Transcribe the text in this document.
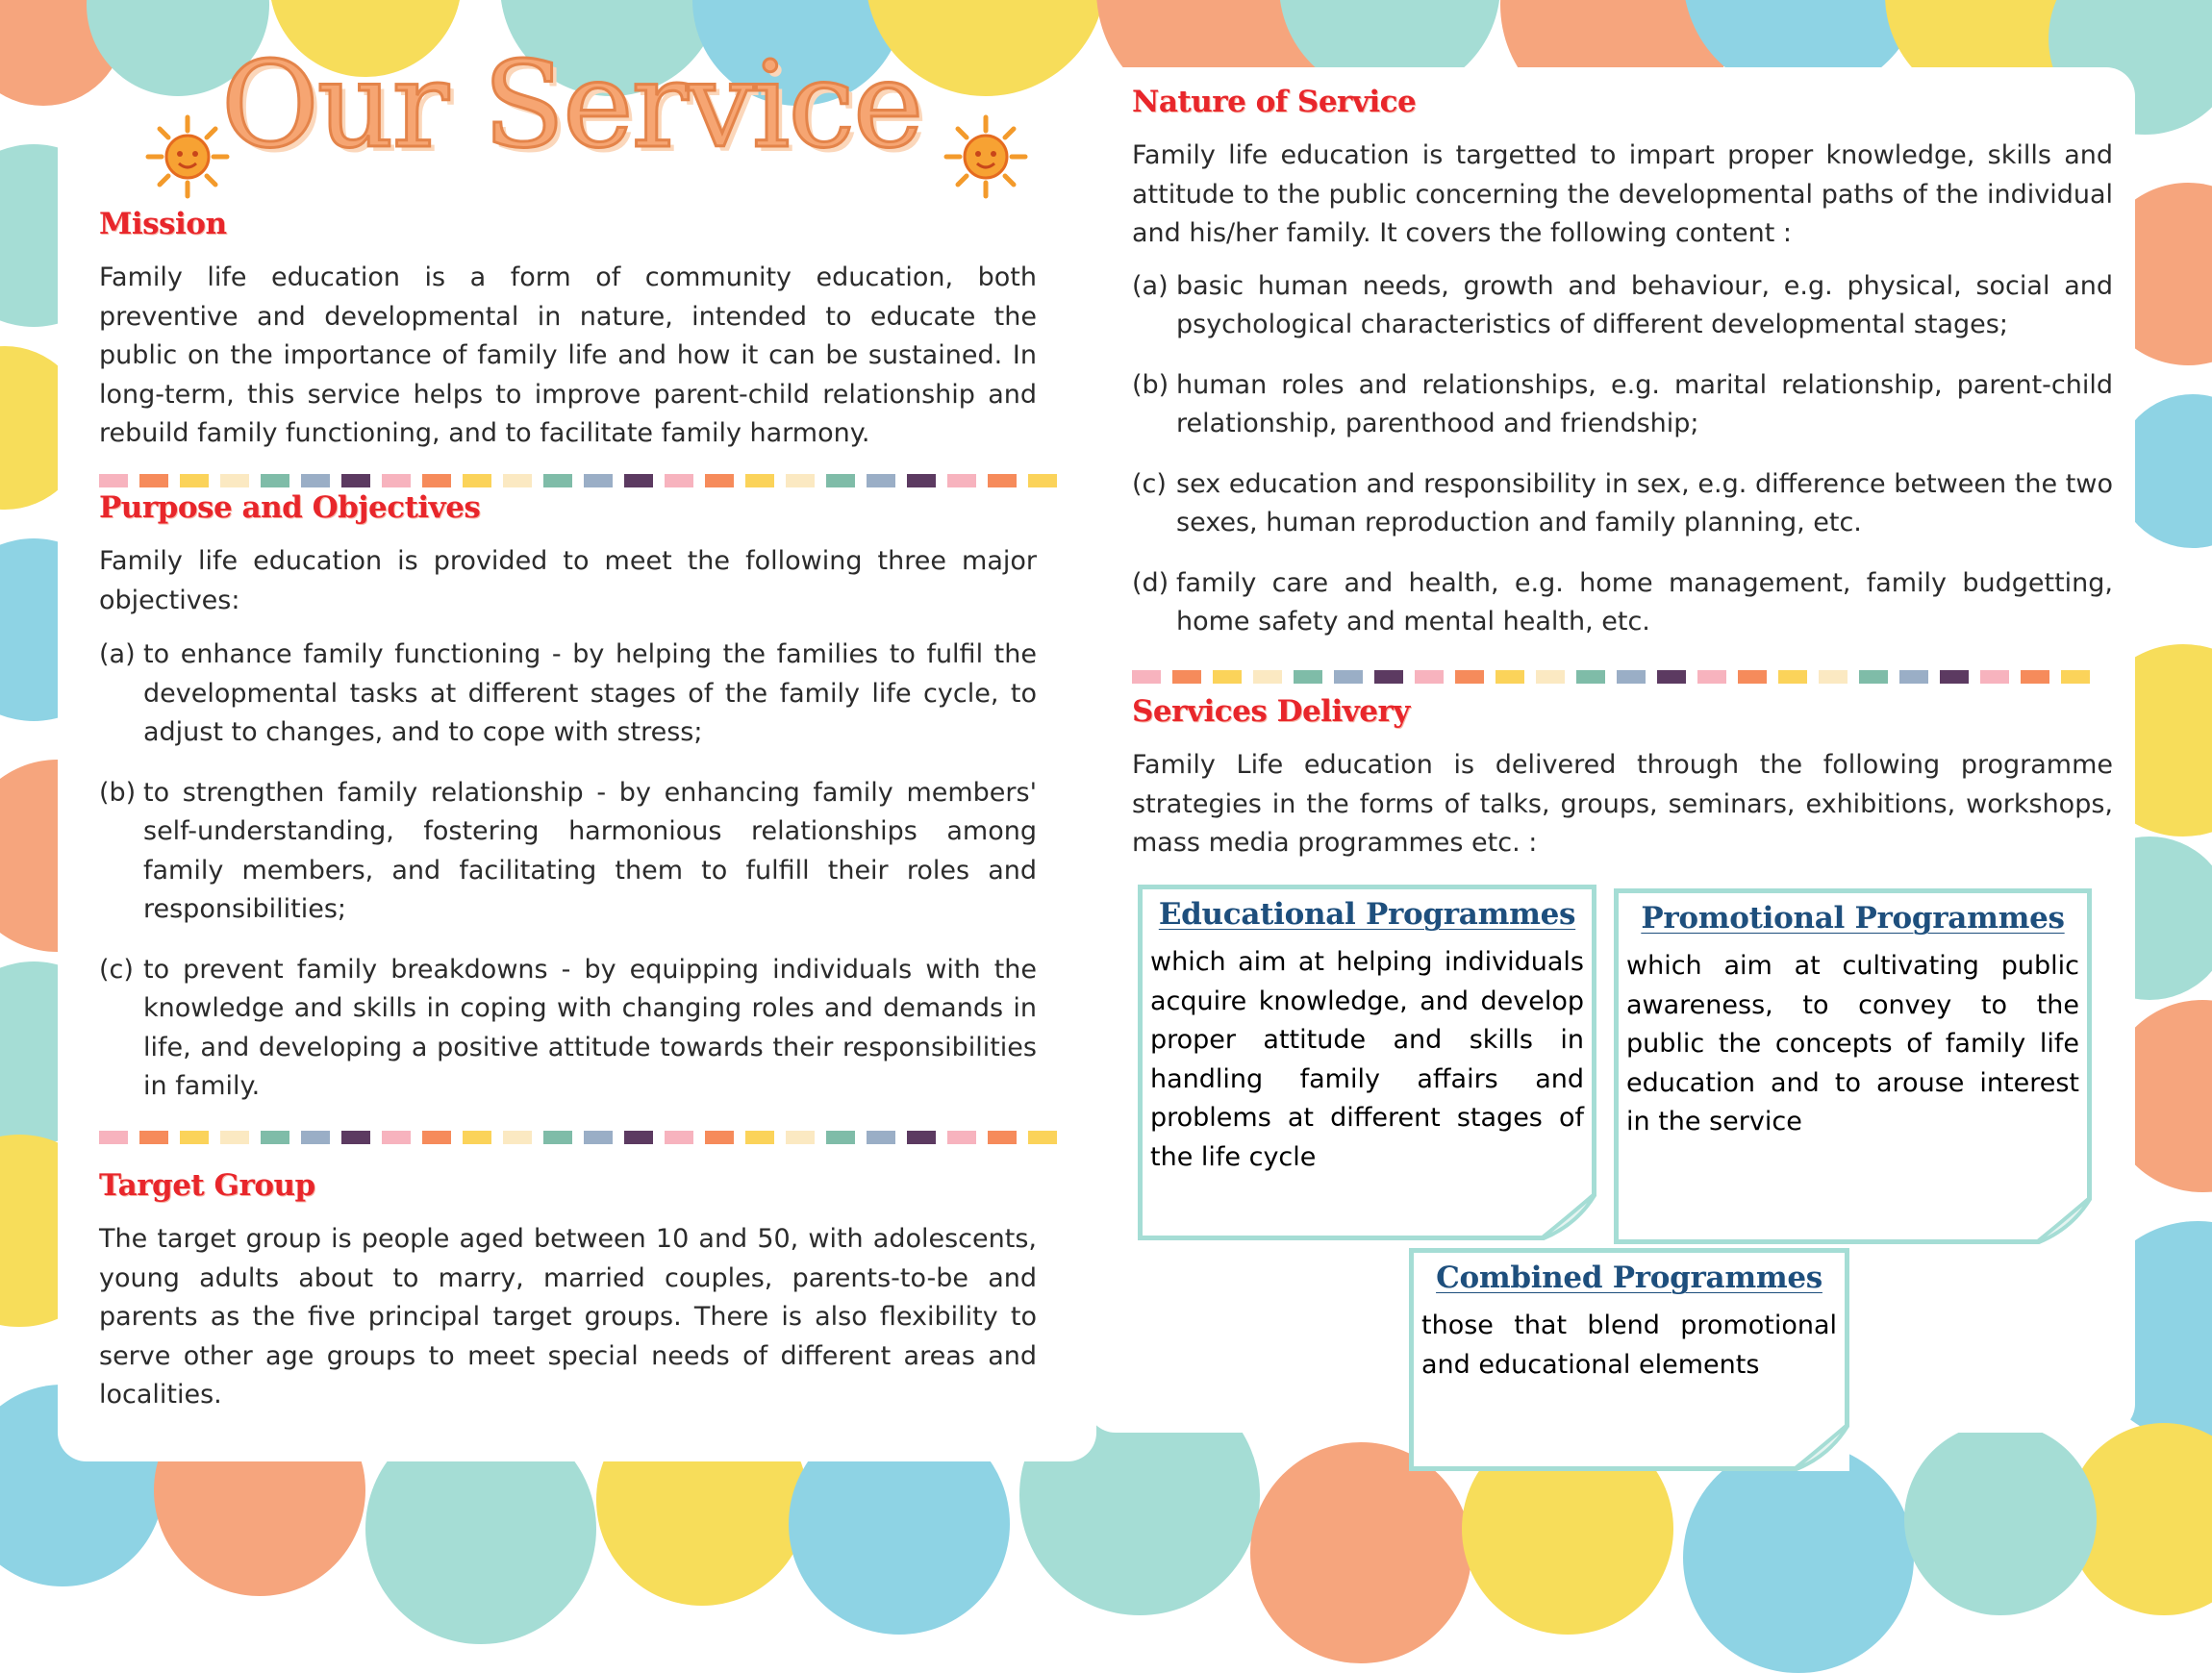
Our Service
Mission

Family life education is a form of community education, both preventive and developmental in nature, intended to educate the public on the importance of family life and how it can be sustained. In long-term, this service helps to improve parent-child relationship and rebuild family functioning, and to facilitate family harmony.

Purpose and Objectives

Family life education is provided to meet the following three major objectives:

(a) to enhance family functioning - by helping the families to fulfil the developmental tasks at different stages of the family life cycle, to adjust to changes, and to cope with stress;
(b) to strengthen family relationship - by enhancing family members' self-understanding, fostering harmonious relationships among family members, and facilitating them to fulfill their roles and responsibilities;
(c) to prevent family breakdowns - by equipping individuals with the knowledge and skills in coping with changing roles and demands in life, and developing a positive attitude towards their responsibilities in family.
Target Group

The target group is people aged between 10 and 50, with adolescents, young adults about to marry, married couples, parents-to-be and parents as the five principal target groups. There is also flexibility to serve other age groups to meet special needs of different areas and localities.

Nature of Service

Family life education is targetted to impart proper knowledge, skills and attitude to the public concerning the developmental paths of the individual and his/her family. It covers the following content :

(a) basic human needs, growth and behaviour, e.g. physical, social and psychological characteristics of different developmental stages;
(b) human roles and relationships, e.g. marital relationship, parent-child relationship, parenthood and friendship;
(c) sex education and responsibility in sex, e.g. difference between the two sexes, human reproduction and family planning, etc.
(d) family care and health, e.g. home management, family budgetting, home safety and mental health, etc.
Services Delivery

Family Life education is delivered through the following programme strategies in the forms of talks, groups, seminars, exhibitions, workshops, mass media programmes etc. :

Educational Programmes

which aim at helping individuals acquire knowledge, and develop proper attitude and skills in handling family affairs and problems at different stages of the life cycle

Promotional Programmes

which aim at cultivating public awareness, to convey to the public the concepts of family life education and to arouse interest in the service

Combined Programmes

those that blend promotional and educational elements
